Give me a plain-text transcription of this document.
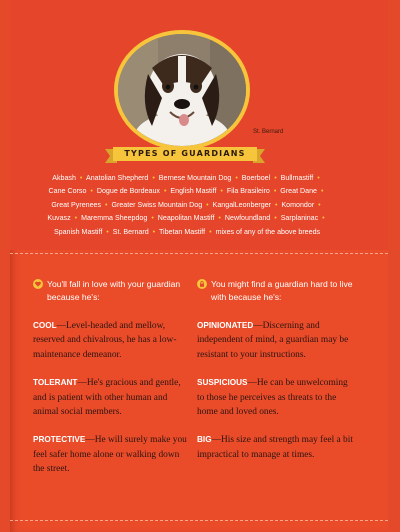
St. Bernard
TYPES OF GUARDIANS
Akbash • Anatolian Shepherd • Bernese Mountain Dog • Boerboel • Bullmastiff • Cane Corso • Dogue de Bordeaux • English Mastiff • Fila Brasileiro • Great Dane • Great Pyrenees • Greater Swiss Mountain Dog • KangalLeonberger • Komondor • Kuvasz • Maremma Sheepdog • Neapolitan Mastiff • Newfoundland • Sarplaninac • Spanish Mastiff • St. Bernard • Tibetan Mastiff • mixes of any of the above breeds
You'll fall in love with your guardian because he's:
COOL—Level-headed and mellow, reserved and chivalrous, he has a low-maintenance demeanor.
TOLERANT—He's gracious and gentle, and is patient with other human and animal social members.
PROTECTIVE—He will surely make you feel safer home alone or walking down the street.
You might find a guardian hard to live with because he's:
OPINIONATED—Discerning and independent of mind, a guardian may be resistant to your instructions.
SUSPICIOUS—He can be unwelcoming to those he perceives as threats to the home and loved ones.
BIG—His size and strength may feel a bit impractical to manage at times.
